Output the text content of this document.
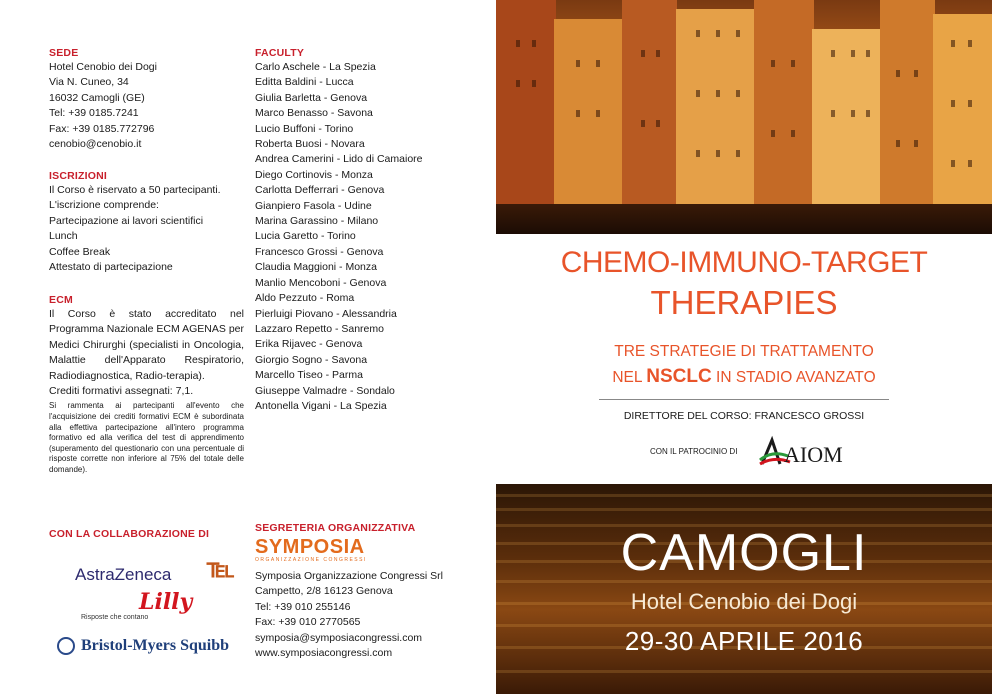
SEDE

Hotel Cenobio dei Dogi

Via N. Cuneo, 34

16032 Camogli (GE)

Tel: +39 0185.7241

Fax: +39 0185.772796

cenobio@cenobio.it

ISCRIZIONI

Il Corso è riservato a 50 partecipanti.

L'iscrizione comprende:

Partecipazione ai lavori scientifici

Lunch

Coffee Break

Attestato di partecipazione

ECM

Il Corso è stato accreditato nel Programma Nazionale ECM AGENAS per Medici Chirurghi (specialisti in Oncologia, Malattie dell'Apparato Respiratorio, Radiodiagnostica, Radio-terapia).

Crediti formativi assegnati: 7,1.

Si rammenta ai partecipanti all'evento che l'acquisizione dei crediti formativi ECM è subordinata alla effettiva partecipazione all'intero programma formativo ed alla verifica del test di apprendimento (superamento del questionario con una percentuale di risposte corrette non inferiore al 75% del totale delle domande).

CON LA COLLABORAZIONE DI

AstraZeneca ℡
Lilly
Risposte che contano
Bristol-Myers Squibb

FACULTY

Carlo Aschele - La Spezia

Editta Baldini - Lucca

Giulia Barletta - Genova

Marco Benasso - Savona

Lucio Buffoni - Torino

Roberta Buosi - Novara

Andrea Camerini - Lido di Camaiore

Diego Cortinovis - Monza

Carlotta Defferrari - Genova

Gianpiero Fasola - Udine

Marina Garassino - Milano

Lucia Garetto - Torino

Francesco Grossi - Genova

Claudia Maggioni - Monza

Manlio Mencoboni - Genova

Aldo Pezzuto - Roma

Pierluigi Piovano - Alessandria

Lazzaro Repetto - Sanremo

Erika Rijavec - Genova

Giorgio Sogno - Savona

Marcello Tiseo - Parma

Giuseppe Valmadre - Sondalo

Antonella Vigani - La Spezia

SEGRETERIA ORGANIZZATIVA

SYMPOSIA

ORGANIZZAZIONE CONGRESSI

Symposia Organizzazione Congressi Srl

Campetto, 2/8 16123 Genova

Tel: +39 010 255146

Fax: +39 010 2770565

symposia@symposiacongressi.com

www.symposiacongressi.com

CHEMO-IMMUNO-TARGET

THERAPIES

TRE STRATEGIE DI TRATTAMENTO

NEL NSCLC IN STADIO AVANZATO

DIRETTORE DEL CORSO: FRANCESCO GROSSI

CON IL PATROCINIO DI AIOM

CAMOGLI

Hotel Cenobio dei Dogi

29-30 APRILE 2016
